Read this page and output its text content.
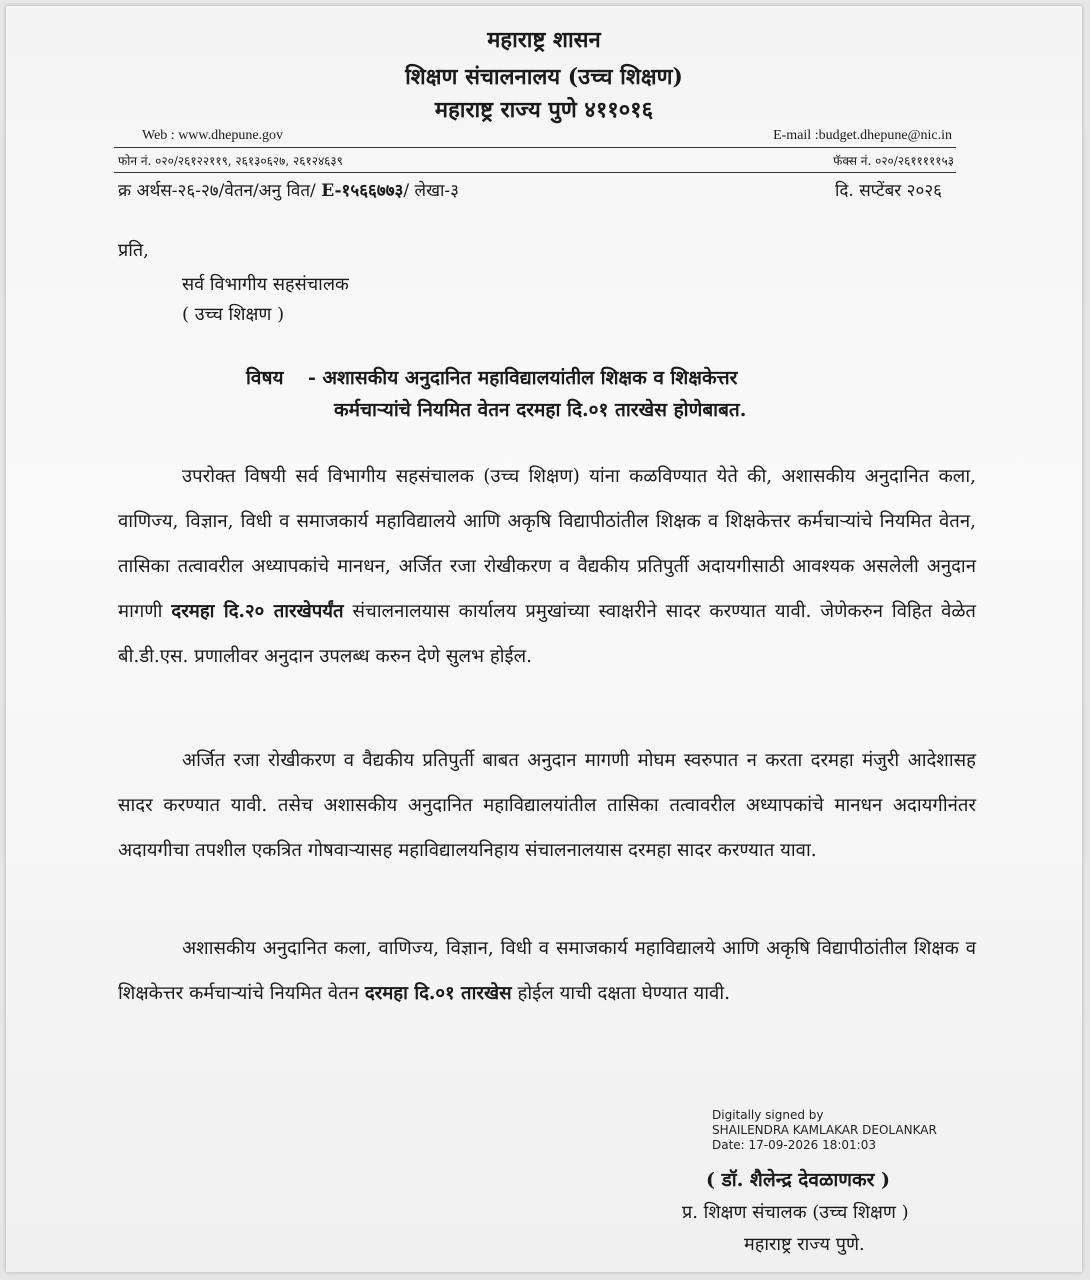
महाराष्ट्र शासन
शिक्षण संचालनालय (उच्च शिक्षण)
महाराष्ट्र राज्य पुणे ४११०१६
Web : www.dhepune.gov	E-mail :budget.dhepune@nic.in
फोन नं. ०२०/२६१२२११९, २६१३०६२७, २६१२४६३९	फॅक्स नं. ०२०/२६१११११५३
क्र अर्थस-२६-२७/वेतन/अनु वित/ E-१५६६७७३/ लेखा-३	दि. सप्टेंबर २०२६
प्रति,
सर्व विभागीय सहसंचालक
( उच्च शिक्षण )
विषय - अशासकीय अनुदानित महाविद्यालयांतील शिक्षक व शिक्षकेत्तर
कर्मचाऱ्यांचे नियमित वेतन दरमहा दि.०१ तारखेस होणेबाबत.
उपरोक्त विषयी सर्व विभागीय सहसंचालक (उच्च शिक्षण) यांना कळविण्यात येते की, अशासकीय अनुदानित कला, वाणिज्य, विज्ञान, विधी व समाजकार्य महाविद्यालये आणि अकृषि विद्यापीठांतील शिक्षक व शिक्षकेत्तर कर्मचाऱ्यांचे नियमित वेतन, तासिका तत्वावरील अध्यापकांचे मानधन, अर्जित रजा रोखीकरण व वैद्यकीय प्रतिपुर्ती अदायगीसाठी आवश्यक असलेली अनुदान मागणी दरमहा दि.२० तारखेपर्यंत संचालनालयास कार्यालय प्रमुखांच्या स्वाक्षरीने सादर करण्यात यावी. जेणेकरुन विहित वेळेत बी.डी.एस. प्रणालीवर अनुदान उपलब्ध करुन देणे सुलभ होईल.
अर्जित रजा रोखीकरण व वैद्यकीय प्रतिपुर्ती बाबत अनुदान मागणी मोघम स्वरुपात न करता दरमहा मंजुरी आदेशासह सादर करण्यात यावी. तसेच अशासकीय अनुदानित महाविद्यालयांतील तासिका तत्वावरील अध्यापकांचे मानधन अदायगीनंतर अदायगीचा तपशील एकत्रित गोषवाऱ्यासह महाविद्यालयनिहाय संचालनालयास दरमहा सादर करण्यात यावा.
अशासकीय अनुदानित कला, वाणिज्य, विज्ञान, विधी व समाजकार्य महाविद्यालये आणि अकृषि विद्यापीठांतील शिक्षक व शिक्षकेत्तर कर्मचाऱ्यांचे नियमित वेतन दरमहा दि.०१ तारखेस होईल याची दक्षता घेण्यात यावी.
Digitally signed by
SHAILENDRA KAMLAKAR DEOLANKAR
Date: 17-09-2026 18:01:03
( डॉ. शैलेन्द्र देवळाणकर )
प्र. शिक्षण संचालक (उच्च शिक्षण )
महाराष्ट्र राज्य पुणे.
